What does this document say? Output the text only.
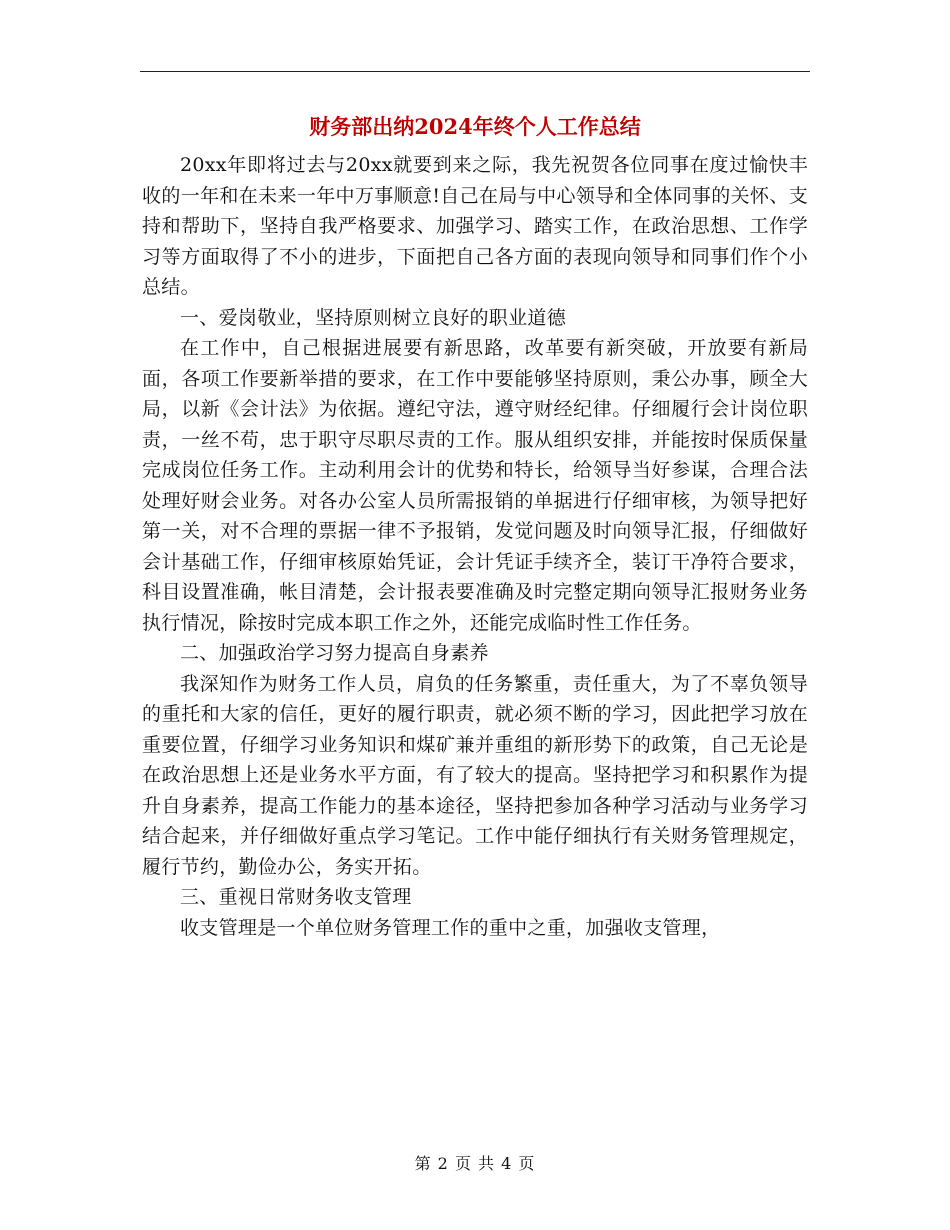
财务部出纳2024年终个人工作总结

20xx年即将过去与20xx就要到来之际，我先祝贺各位同事在度过愉快丰收的一年和在未来一年中万事顺意!自己在局与中心领导和全体同事的关怀、支持和帮助下，坚持自我严格要求、加强学习、踏实工作，在政治思想、工作学习等方面取得了不小的进步，下面把自己各方面的表现向领导和同事们作个小总结。

一、爱岗敬业，坚持原则树立良好的职业道德

在工作中，自己根据进展要有新思路，改革要有新突破，开放要有新局面，各项工作要新举措的要求，在工作中要能够坚持原则，秉公办事，顾全大局，以新《会计法》为依据。遵纪守法，遵守财经纪律。仔细履行会计岗位职责，一丝不苟，忠于职守尽职尽责的工作。服从组织安排，并能按时保质保量完成岗位任务工作。主动利用会计的优势和特长，给领导当好参谋，合理合法处理好财会业务。对各办公室人员所需报销的单据进行仔细审核，为领导把好第一关，对不合理的票据一律不予报销，发觉问题及时向领导汇报，仔细做好会计基础工作，仔细审核原始凭证，会计凭证手续齐全，装订干净符合要求，科目设置准确，帐目清楚，会计报表要准确及时完整定期向领导汇报财务业务执行情况，除按时完成本职工作之外，还能完成临时性工作任务。

二、加强政治学习努力提高自身素养

我深知作为财务工作人员，肩负的任务繁重，责任重大，为了不辜负领导的重托和大家的信任，更好的履行职责，就必须不断的学习，因此把学习放在重要位置，仔细学习业务知识和煤矿兼并重组的新形势下的政策，自己无论是在政治思想上还是业务水平方面，有了较大的提高。坚持把学习和积累作为提升自身素养，提高工作能力的基本途径，坚持把参加各种学习活动与业务学习结合起来，并仔细做好重点学习笔记。工作中能仔细执行有关财务管理规定，履行节约，勤俭办公，务实开拓。

三、重视日常财务收支管理

收支管理是一个单位财务管理工作的重中之重，加强收支管理，

第 2 页 共 4 页
